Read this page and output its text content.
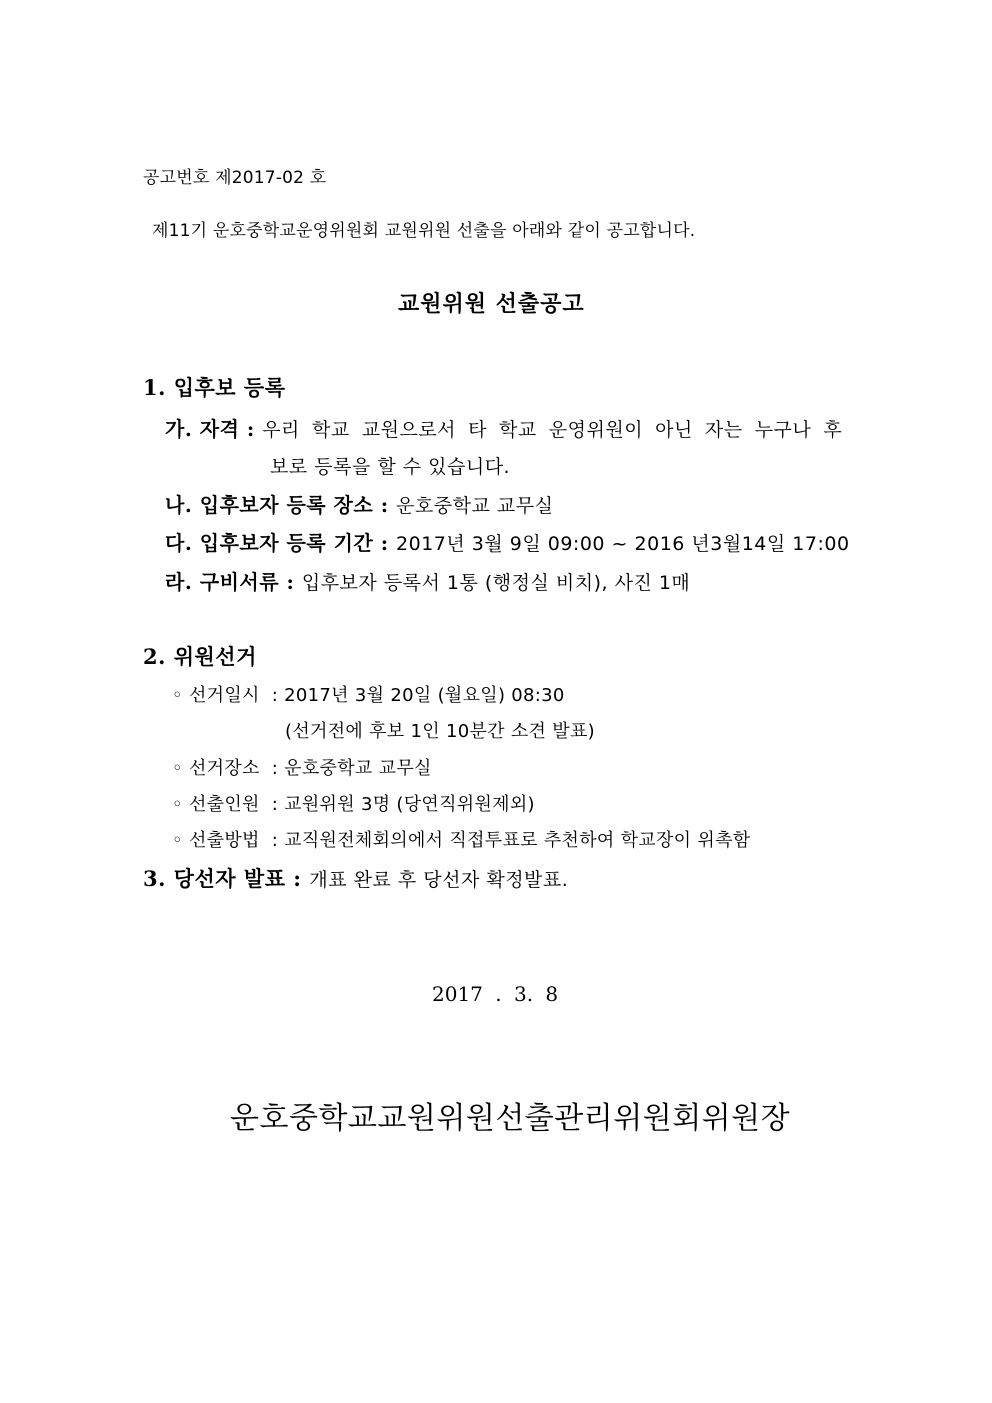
공고번호 제2017-02 호
제11기 운호중학교운영위원회 교원위원 선출을 아래와 같이 공고합니다.
교원위원 선출공고
1. 입후보 등록
가. 자격 : 우리 학교 교원으로서 타 학교 운영위원이 아닌 자는 누구나 후
보로 등록을 할 수 있습니다.
나. 입후보자 등록 장소 : 운호중학교 교무실
다. 입후보자 등록 기간 : 2017년 3월 9일 09:00 ~ 2016 년3월14일 17:00
라. 구비서류 : 입후보자 등록서 1통 (행정실 비치), 사진 1매
2. 위원선거
◦ 선거일시  : 2017년 3월 20일 (월요일) 08:30
(선거전에 후보 1인 10분간 소견 발표)
◦ 선거장소  : 운호중학교 교무실
◦ 선출인원  : 교원위원 3명 (당연직위원제외)
◦ 선출방법  : 교직원전체회의에서 직접투표로 추천하여 학교장이 위촉함
3. 당선자 발표 : 개표 완료 후 당선자 확정발표.
2017 . 3. 8
운호중학교교원위원선출관리위원회위원장
